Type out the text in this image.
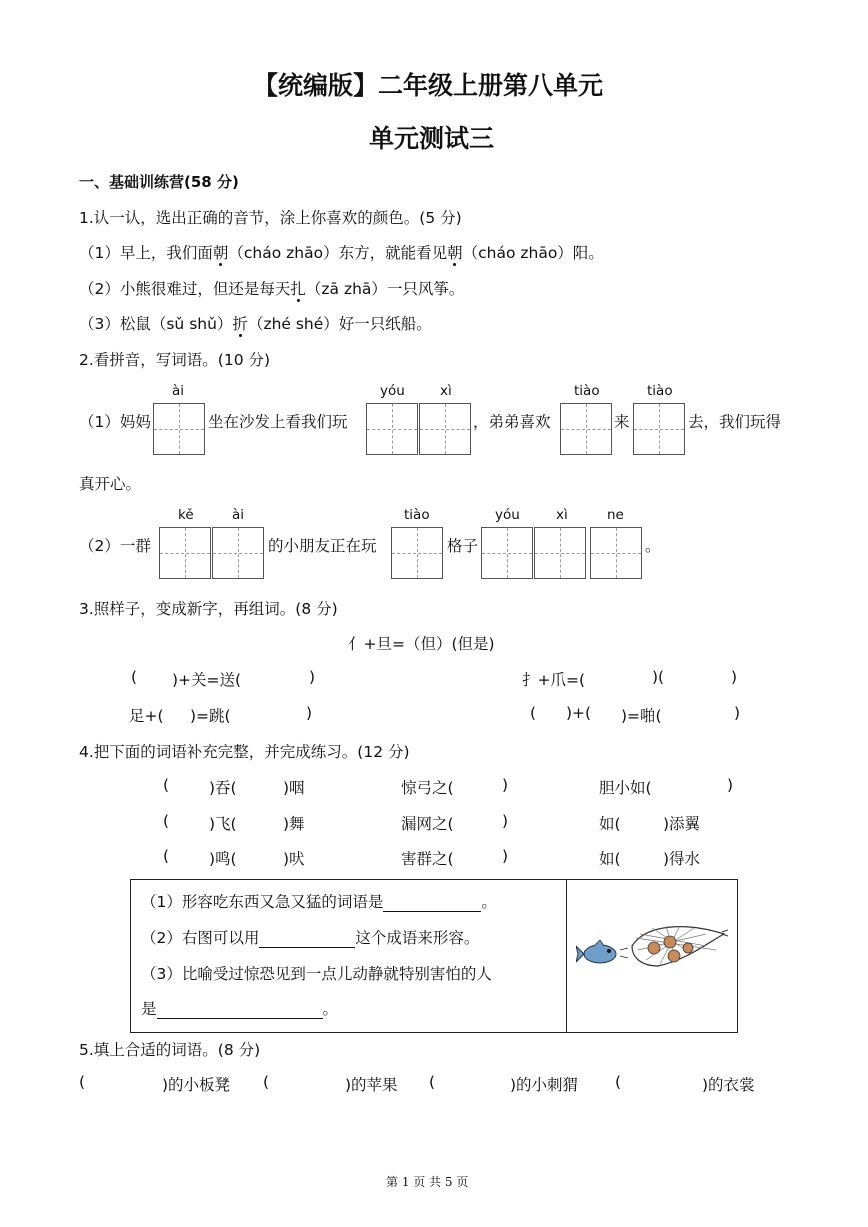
【统编版】二年级上册第八单元
单元测试三
一、基础训练营(58 分)
1.认一认，选出正确的音节，涂上你喜欢的颜色。(5 分)
（1）早上，我们面朝（cháo zhāo）东方，就能看见朝（cháo zhāo）阳。
（2）小熊很难过，但还是每天扎（zā zhā）一只风筝。
（3）松鼠（sǔ shǔ）折（zhé shé）好一只纸船。
2.看拼音，写词语。(10 分)
ài	yóu	xì	tiào	tiào
（1）妈妈	坐在沙发上看我们玩	，弟弟喜欢	来	去，我们玩得
真开心。
kě	ài	tiào	yóu	xì	ne
（2）一群	的小朋友正在玩	格子	。
3.照样子，变成新字，再组词。(8 分)
亻+旦=（但）(但是)
( )+关=送(	)	扌+爪=(	)(	)
足+( )=跳(	)	( )+( )=啪(	)
4.把下面的词语补充完整，并完成练习。(12 分)
(	)吞(	)咽	惊弓之(	)	胆小如(	)
(	)飞(	)舞	漏网之(	)	如(	)添翼
(	)鸣(	)吠	害群之(	)	如(	)得水
（1）形容吃东西又急又猛的词语是	。
（2）右图可以用	这个成语来形容。
（3）比喻受过惊恐见到一点儿动静就特别害怕的人
是	。
5.填上合适的词语。(8 分)
(	)的小板凳 (	)的苹果 (	)的小刺猬 (	)的衣裳
第 1 页 共 5 页
